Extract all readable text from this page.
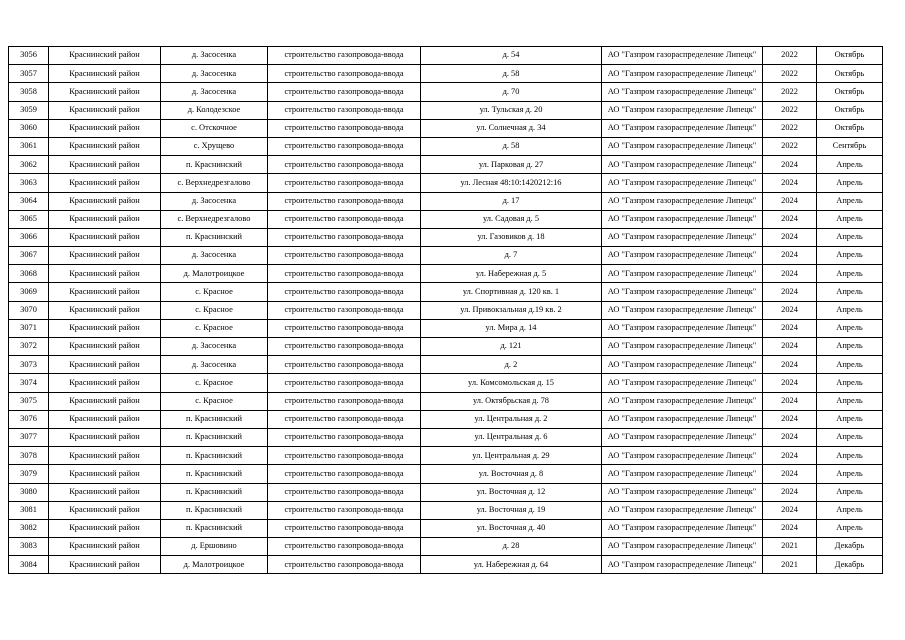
3056	Краснинский район	д. Засосенка	строительство газопровода-ввода	д. 54	АО "Газпром газораспределение Липецк"	2022	Октябрь
3057	Краснинский район	д. Засосенка	строительство газопровода-ввода	д. 58	АО "Газпром газораспределение Липецк"	2022	Октябрь
3058	Краснинский район	д. Засосенка	строительство газопровода-ввода	д. 70	АО "Газпром газораспределение Липецк"	2022	Октябрь
3059	Краснинский район	д. Колодезское	строительство газопровода-ввода	ул. Тульская д. 20	АО "Газпром газораспределение Липецк"	2022	Октябрь
3060	Краснинский район	с. Отскочное	строительство газопровода-ввода	ул. Солнечная д. 34	АО "Газпром газораспределение Липецк"	2022	Октябрь
3061	Краснинский район	с. Хрущево	строительство газопровода-ввода	д. 58	АО "Газпром газораспределение Липецк"	2022	Сентябрь
3062	Краснинский район	п. Краснинский	строительство газопровода-ввода	ул. Парковая д. 27	АО "Газпром газораспределение Липецк"	2024	Апрель
3063	Краснинский район	с. Верхнедрезгалово	строительство газопровода-ввода	ул. Лесная 48:10:1420212:16	АО "Газпром газораспределение Липецк"	2024	Апрель
3064	Краснинский район	д. Засосенка	строительство газопровода-ввода	д. 17	АО "Газпром газораспределение Липецк"	2024	Апрель
3065	Краснинский район	с. Верхнедрезгалово	строительство газопровода-ввода	ул. Садовая д. 5	АО "Газпром газораспределение Липецк"	2024	Апрель
3066	Краснинский район	п. Краснинский	строительство газопровода-ввода	ул. Газовиков д. 18	АО "Газпром газораспределение Липецк"	2024	Апрель
3067	Краснинский район	д. Засосенка	строительство газопровода-ввода	д. 7	АО "Газпром газораспределение Липецк"	2024	Апрель
3068	Краснинский район	д. Малотроицкое	строительство газопровода-ввода	ул. Набережная д. 5	АО "Газпром газораспределение Липецк"	2024	Апрель
3069	Краснинский район	с. Красное	строительство газопровода-ввода	ул. Спортивная д. 120 кв. 1	АО "Газпром газораспределение Липецк"	2024	Апрель
3070	Краснинский район	с. Красное	строительство газопровода-ввода	ул. Привокзальная д.19 кв. 2	АО "Газпром газораспределение Липецк"	2024	Апрель
3071	Краснинский район	с. Красное	строительство газопровода-ввода	ул. Мира д. 14	АО "Газпром газораспределение Липецк"	2024	Апрель
3072	Краснинский район	д. Засосенка	строительство газопровода-ввода	д. 121	АО "Газпром газораспределение Липецк"	2024	Апрель
3073	Краснинский район	д. Засосенка	строительство газопровода-ввода	д. 2	АО "Газпром газораспределение Липецк"	2024	Апрель
3074	Краснинский район	с. Красное	строительство газопровода-ввода	ул. Комсомольская д. 15	АО "Газпром газораспределение Липецк"	2024	Апрель
3075	Краснинский район	с. Красное	строительство газопровода-ввода	ул. Октябрьская д. 78	АО "Газпром газораспределение Липецк"	2024	Апрель
3076	Краснинский район	п. Краснинский	строительство газопровода-ввода	ул. Центральная д. 2	АО "Газпром газораспределение Липецк"	2024	Апрель
3077	Краснинский район	п. Краснинский	строительство газопровода-ввода	ул. Центральная д. 6	АО "Газпром газораспределение Липецк"	2024	Апрель
3078	Краснинский район	п. Краснинский	строительство газопровода-ввода	ул. Центральная д. 29	АО "Газпром газораспределение Липецк"	2024	Апрель
3079	Краснинский район	п. Краснинский	строительство газопровода-ввода	ул. Восточная д. 8	АО "Газпром газораспределение Липецк"	2024	Апрель
3080	Краснинский район	п. Краснинский	строительство газопровода-ввода	ул. Восточная д. 12	АО "Газпром газораспределение Липецк"	2024	Апрель
3081	Краснинский район	п. Краснинский	строительство газопровода-ввода	ул. Восточная д. 19	АО "Газпром газораспределение Липецк"	2024	Апрель
3082	Краснинский район	п. Краснинский	строительство газопровода-ввода	ул. Восточная д. 40	АО "Газпром газораспределение Липецк"	2024	Апрель
3083	Краснинский район	д. Ершовино	строительство газопровода-ввода	д. 28	АО "Газпром газораспределение Липецк"	2021	Декабрь
3084	Краснинский район	д. Малотроицкое	строительство газопровода-ввода	ул. Набережная д. 64	АО "Газпром газораспределение Липецк"	2021	Декабрь
